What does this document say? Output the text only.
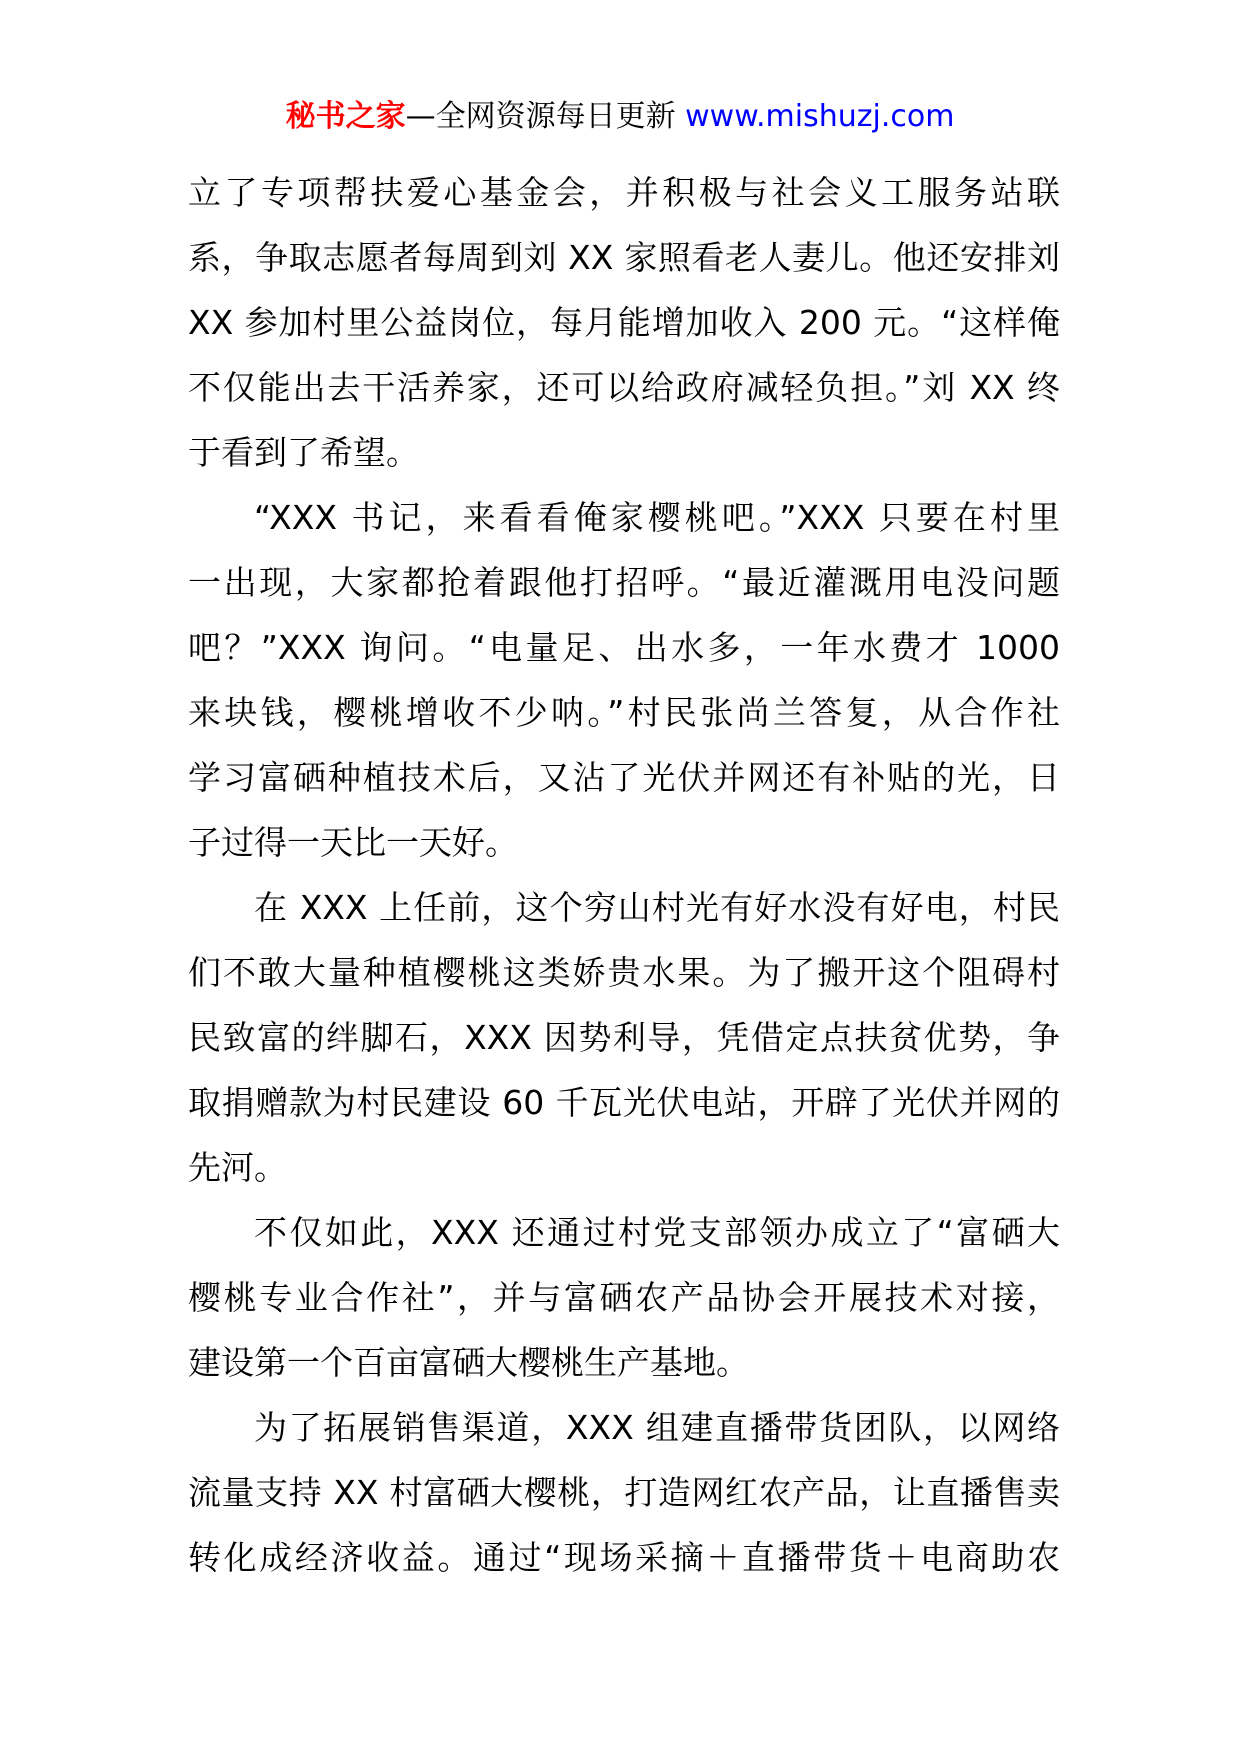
秘书之家—全网资源每日更新 www.mishuzj.com
立了专项帮扶爱心基金会，并积极与社会义工服务站联
系，争取志愿者每周到刘 XX 家照看老人妻儿。他还安排刘
XX 参加村里公益岗位，每月能增加收入 200 元。“这样俺
不仅能出去干活养家，还可以给政府减轻负担。”刘 XX 终
于看到了希望。
“XXX 书记，来看看俺家樱桃吧。”XXX 只要在村里
一出现，大家都抢着跟他打招呼。“最近灌溉用电没问题
吧？”XXX 询问。“电量足、出水多，一年水费才 1000
来块钱，樱桃增收不少呐。”村民张尚兰答复，从合作社
学习富硒种植技术后，又沾了光伏并网还有补贴的光，日
子过得一天比一天好。
在 XXX 上任前，这个穷山村光有好水没有好电，村民
们不敢大量种植樱桃这类娇贵水果。为了搬开这个阻碍村
民致富的绊脚石，XXX 因势利导，凭借定点扶贫优势，争
取捐赠款为村民建设 60 千瓦光伏电站，开辟了光伏并网的
先河。
不仅如此，XXX 还通过村党支部领办成立了“富硒大
樱桃专业合作社”，并与富硒农产品协会开展技术对接，
建设第一个百亩富硒大樱桃生产基地。
为了拓展销售渠道，XXX 组建直播带货团队，以网络
流量支持 XX 村富硒大樱桃，打造网红农产品，让直播售卖
转化成经济收益。通过“现场采摘＋直播带货＋电商助农
